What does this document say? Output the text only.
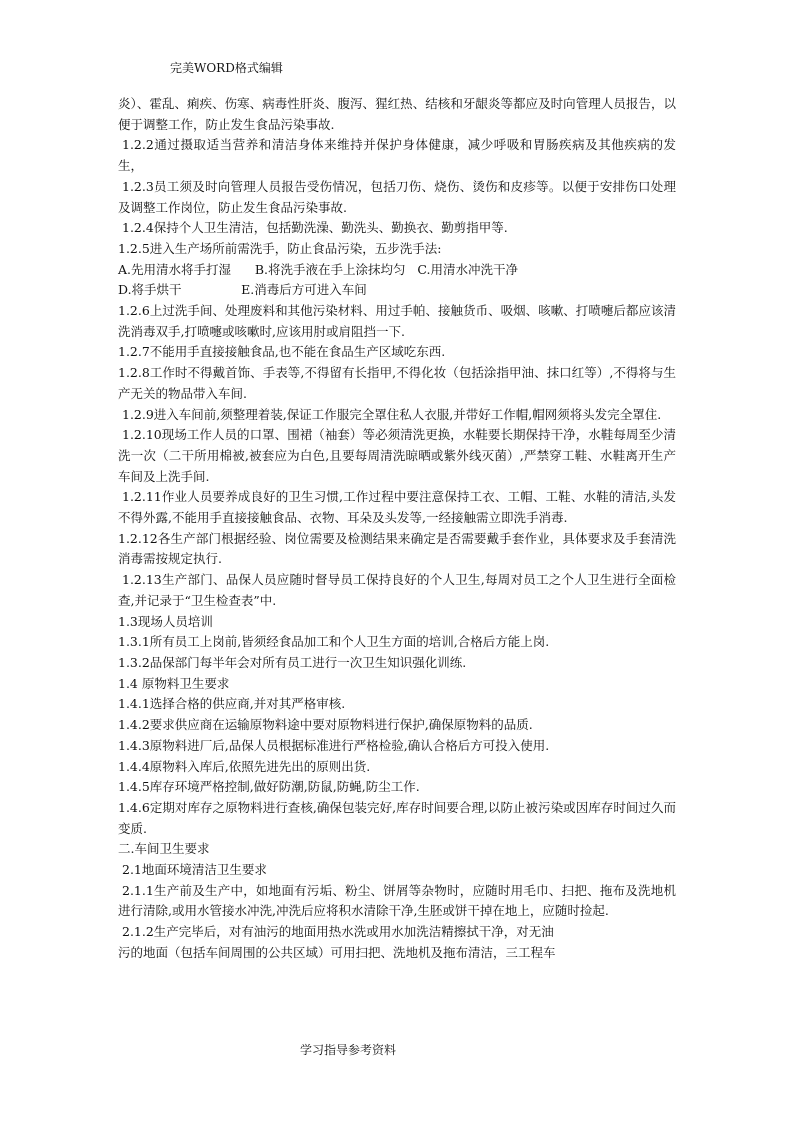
完美WORD格式编辑

炎）、霍乱、痢疾、伤寒、病毒性肝炎、腹泻、猩红热、结核和牙龈炎等都应及时向管理人员报告，以便于调整工作，防止发生食品污染事故.

1.2.2通过摄取适当营养和清洁身体来维持并保护身体健康，减少呼吸和胃肠疾病及其他疾病的发生，

1.2.3员工须及时向管理人员报告受伤情况，包括刀伤、烧伤、烫伤和皮疹等。以便于安排伤口处理及调整工作岗位，防止发生食品污染事故.

1.2.4保持个人卫生清洁，包括勤洗澡、勤洗头、勤换衣、勤剪指甲等.

1.2.5进入生产场所前需洗手，防止食品污染，五步洗手法:

A.先用清水将手打湿      B.将洗手液在手上涂抹均匀   C.用清水冲洗干净

D.将手烘干               E.消毒后方可进入车间

1.2.6上过洗手间、处理废料和其他污染材料、用过手帕、接触货币、吸烟、咳嗽、打喷嚏后都应该清洗消毒双手,打喷嚏或咳嗽时,应该用肘或肩阻挡一下.

1.2.7不能用手直接接触食品,也不能在食品生产区域吃东西.

1.2.8工作时不得戴首饰、手表等,不得留有长指甲,不得化妆（包括涂指甲油、抹口红等）,不得将与生产无关的物品带入车间.

1.2.9进入车间前,须整理着装,保证工作服完全罩住私人衣服,并带好工作帽,帽网须将头发完全罩住.

1.2.10现场工作人员的口罩、围裙（袖套）等必须清洗更换，水鞋要长期保持干净，水鞋每周至少清洗一次（二干所用棉被,被套应为白色,且要每周清洗晾晒或紫外线灭菌）,严禁穿工鞋、水鞋离开生产车间及上洗手间.

1.2.11作业人员要养成良好的卫生习惯,工作过程中要注意保持工衣、工帽、工鞋、水鞋的清洁,头发不得外露,不能用手直接接触食品、衣物、耳朵及头发等,一经接触需立即洗手消毒.

1.2.12各生产部门根据经验、岗位需要及检测结果来确定是否需要戴手套作业，具体要求及手套清洗消毒需按规定执行.

1.2.13生产部门、品保人员应随时督导员工保持良好的个人卫生,每周对员工之个人卫生进行全面检查,并记录于“卫生检查表”中.

1.3现场人员培训

1.3.1所有员工上岗前,皆须经食品加工和个人卫生方面的培训,合格后方能上岗.

1.3.2品保部门每半年会对所有员工进行一次卫生知识强化训练.

1.4 原物料卫生要求

1.4.1选择合格的供应商,并对其严格审核.

1.4.2要求供应商在运输原物料途中要对原物料进行保护,确保原物料的品质.

1.4.3原物料进厂后,品保人员根据标准进行严格检验,确认合格后方可投入使用.

1.4.4原物料入库后,依照先进先出的原则出货.

1.4.5库存环境严格控制,做好防潮,防鼠,防蝇,防尘工作.

1.4.6定期对库存之原物料进行查核,确保包装完好,库存时间要合理,以防止被污染或因库存时间过久而变质.

二.车间卫生要求

2.1地面环境清洁卫生要求

2.1.1生产前及生产中，如地面有污垢、粉尘、饼屑等杂物时，应随时用毛巾、扫把、拖布及洗地机进行清除,或用水管接水冲洗,冲洗后应将积水清除干净,生胚或饼干掉在地上，应随时捡起.

2.1.2生产完毕后，对有油污的地面用热水洗或用水加洗洁精擦拭干净，对无油

污的地面（包括车间周围的公共区域）可用扫把、洗地机及拖布清洁，三工程车

学习指导参考资料
